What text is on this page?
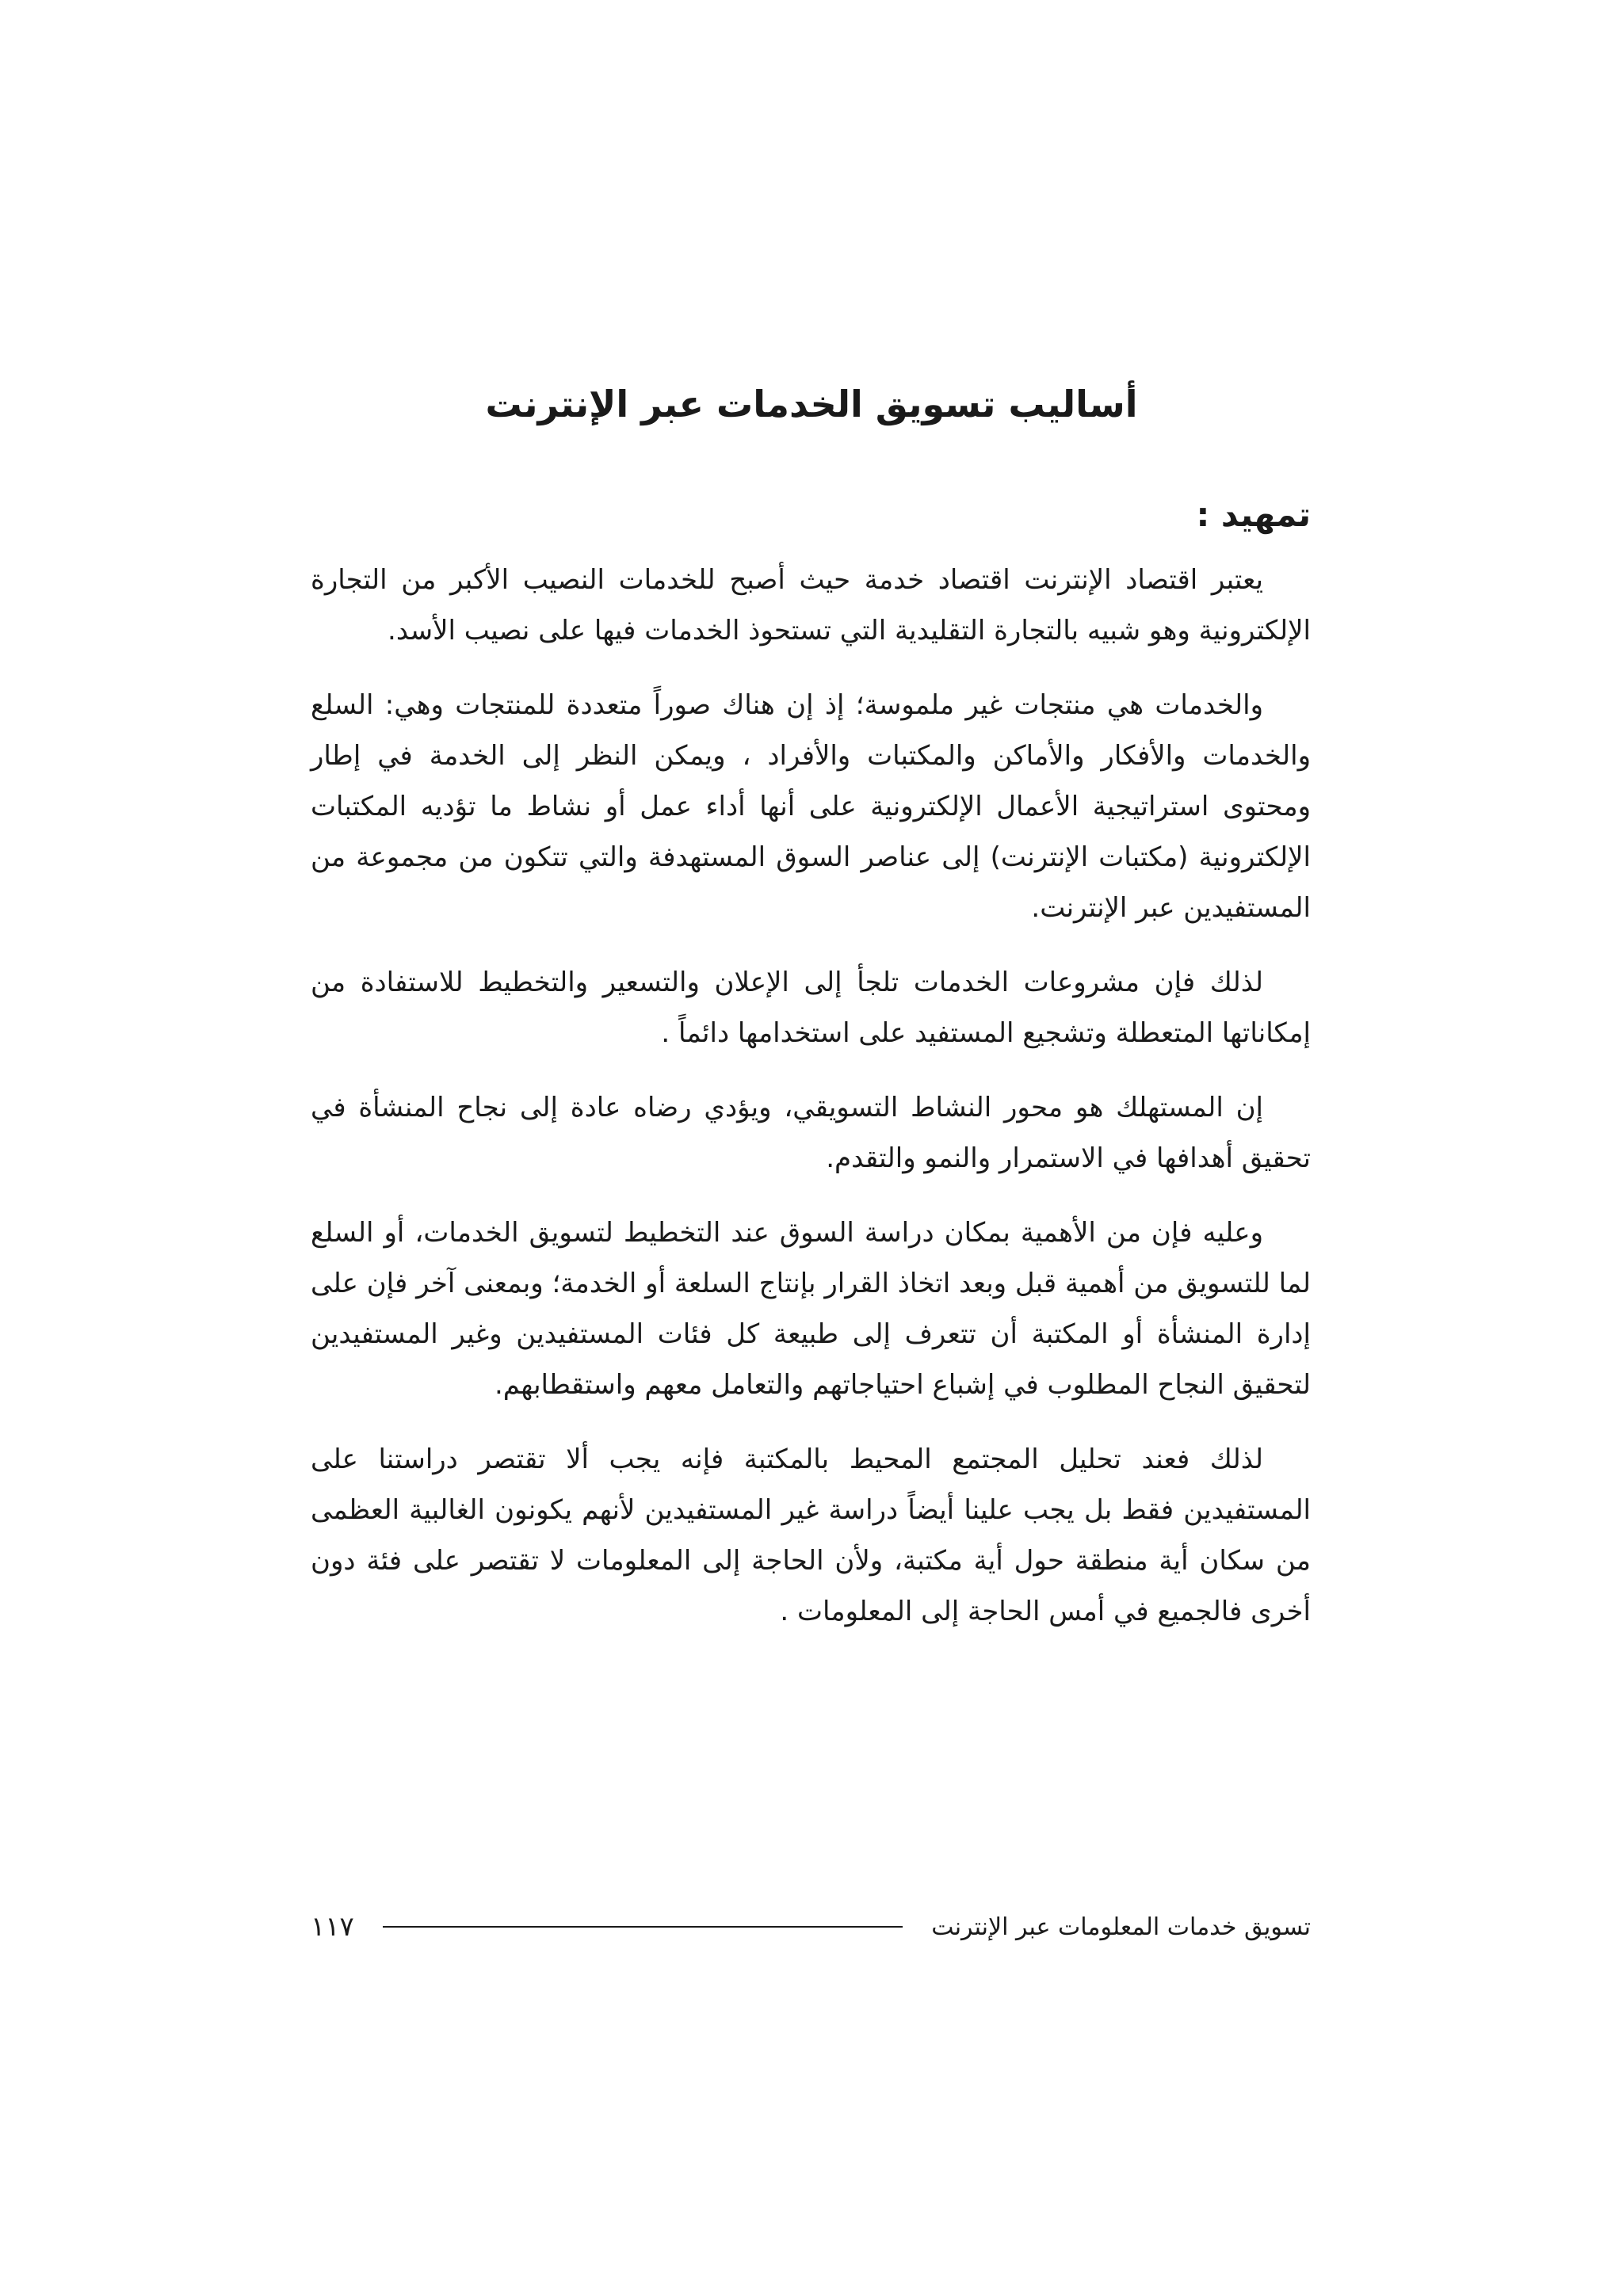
أساليب تسويق الخدمات عبر الإنترنت
تمهيد :

يعتبر اقتصاد الإنترنت اقتصاد خدمة حيث أصبح للخدمات النصيب الأكبر من التجارة الإلكترونية وهو شبيه بالتجارة التقليدية التي تستحوذ الخدمات فيها على نصيب الأسد.

والخدمات هي منتجات غير ملموسة؛ إذ إن هناك صوراً متعددة للمنتجات وهي: السلع والخدمات والأفكار والأماكن والمكتبات والأفراد ، ويمكن النظر إلى الخدمة في إطار ومحتوى استراتيجية الأعمال الإلكترونية على أنها أداء عمل أو نشاط ما تؤديه المكتبات الإلكترونية (مكتبات الإنترنت) إلى عناصر السوق المستهدفة والتي تتكون من مجموعة من المستفيدين عبر الإنترنت.

لذلك فإن مشروعات الخدمات تلجأ إلى الإعلان والتسعير والتخطيط للاستفادة من إمكاناتها المتعطلة وتشجيع المستفيد على استخدامها دائماً .

إن المستهلك هو محور النشاط التسويقي، ويؤدي رضاه عادة إلى نجاح المنشأة في تحقيق أهدافها في الاستمرار والنمو والتقدم.

وعليه فإن من الأهمية بمكان دراسة السوق عند التخطيط لتسويق الخدمات، أو السلع لما للتسويق من أهمية قبل وبعد اتخاذ القرار بإنتاج السلعة أو الخدمة؛ وبمعنى آخر فإن على إدارة المنشأة أو المكتبة أن تتعرف إلى طبيعة كل فئات المستفيدين وغير المستفيدين لتحقيق النجاح المطلوب في إشباع احتياجاتهم والتعامل معهم واستقطابهم.

لذلك فعند تحليل المجتمع المحيط بالمكتبة فإنه يجب ألا تقتصر دراستنا على المستفيدين فقط بل يجب علينا أيضاً دراسة غير المستفيدين لأنهم يكونون الغالبية العظمى من سكان أية منطقة حول أية مكتبة، ولأن الحاجة إلى المعلومات لا تقتصر على فئة دون أخرى فالجميع في أمس الحاجة إلى المعلومات .

تسويق خدمات المعلومات عبر الإنترنت
١١٧
